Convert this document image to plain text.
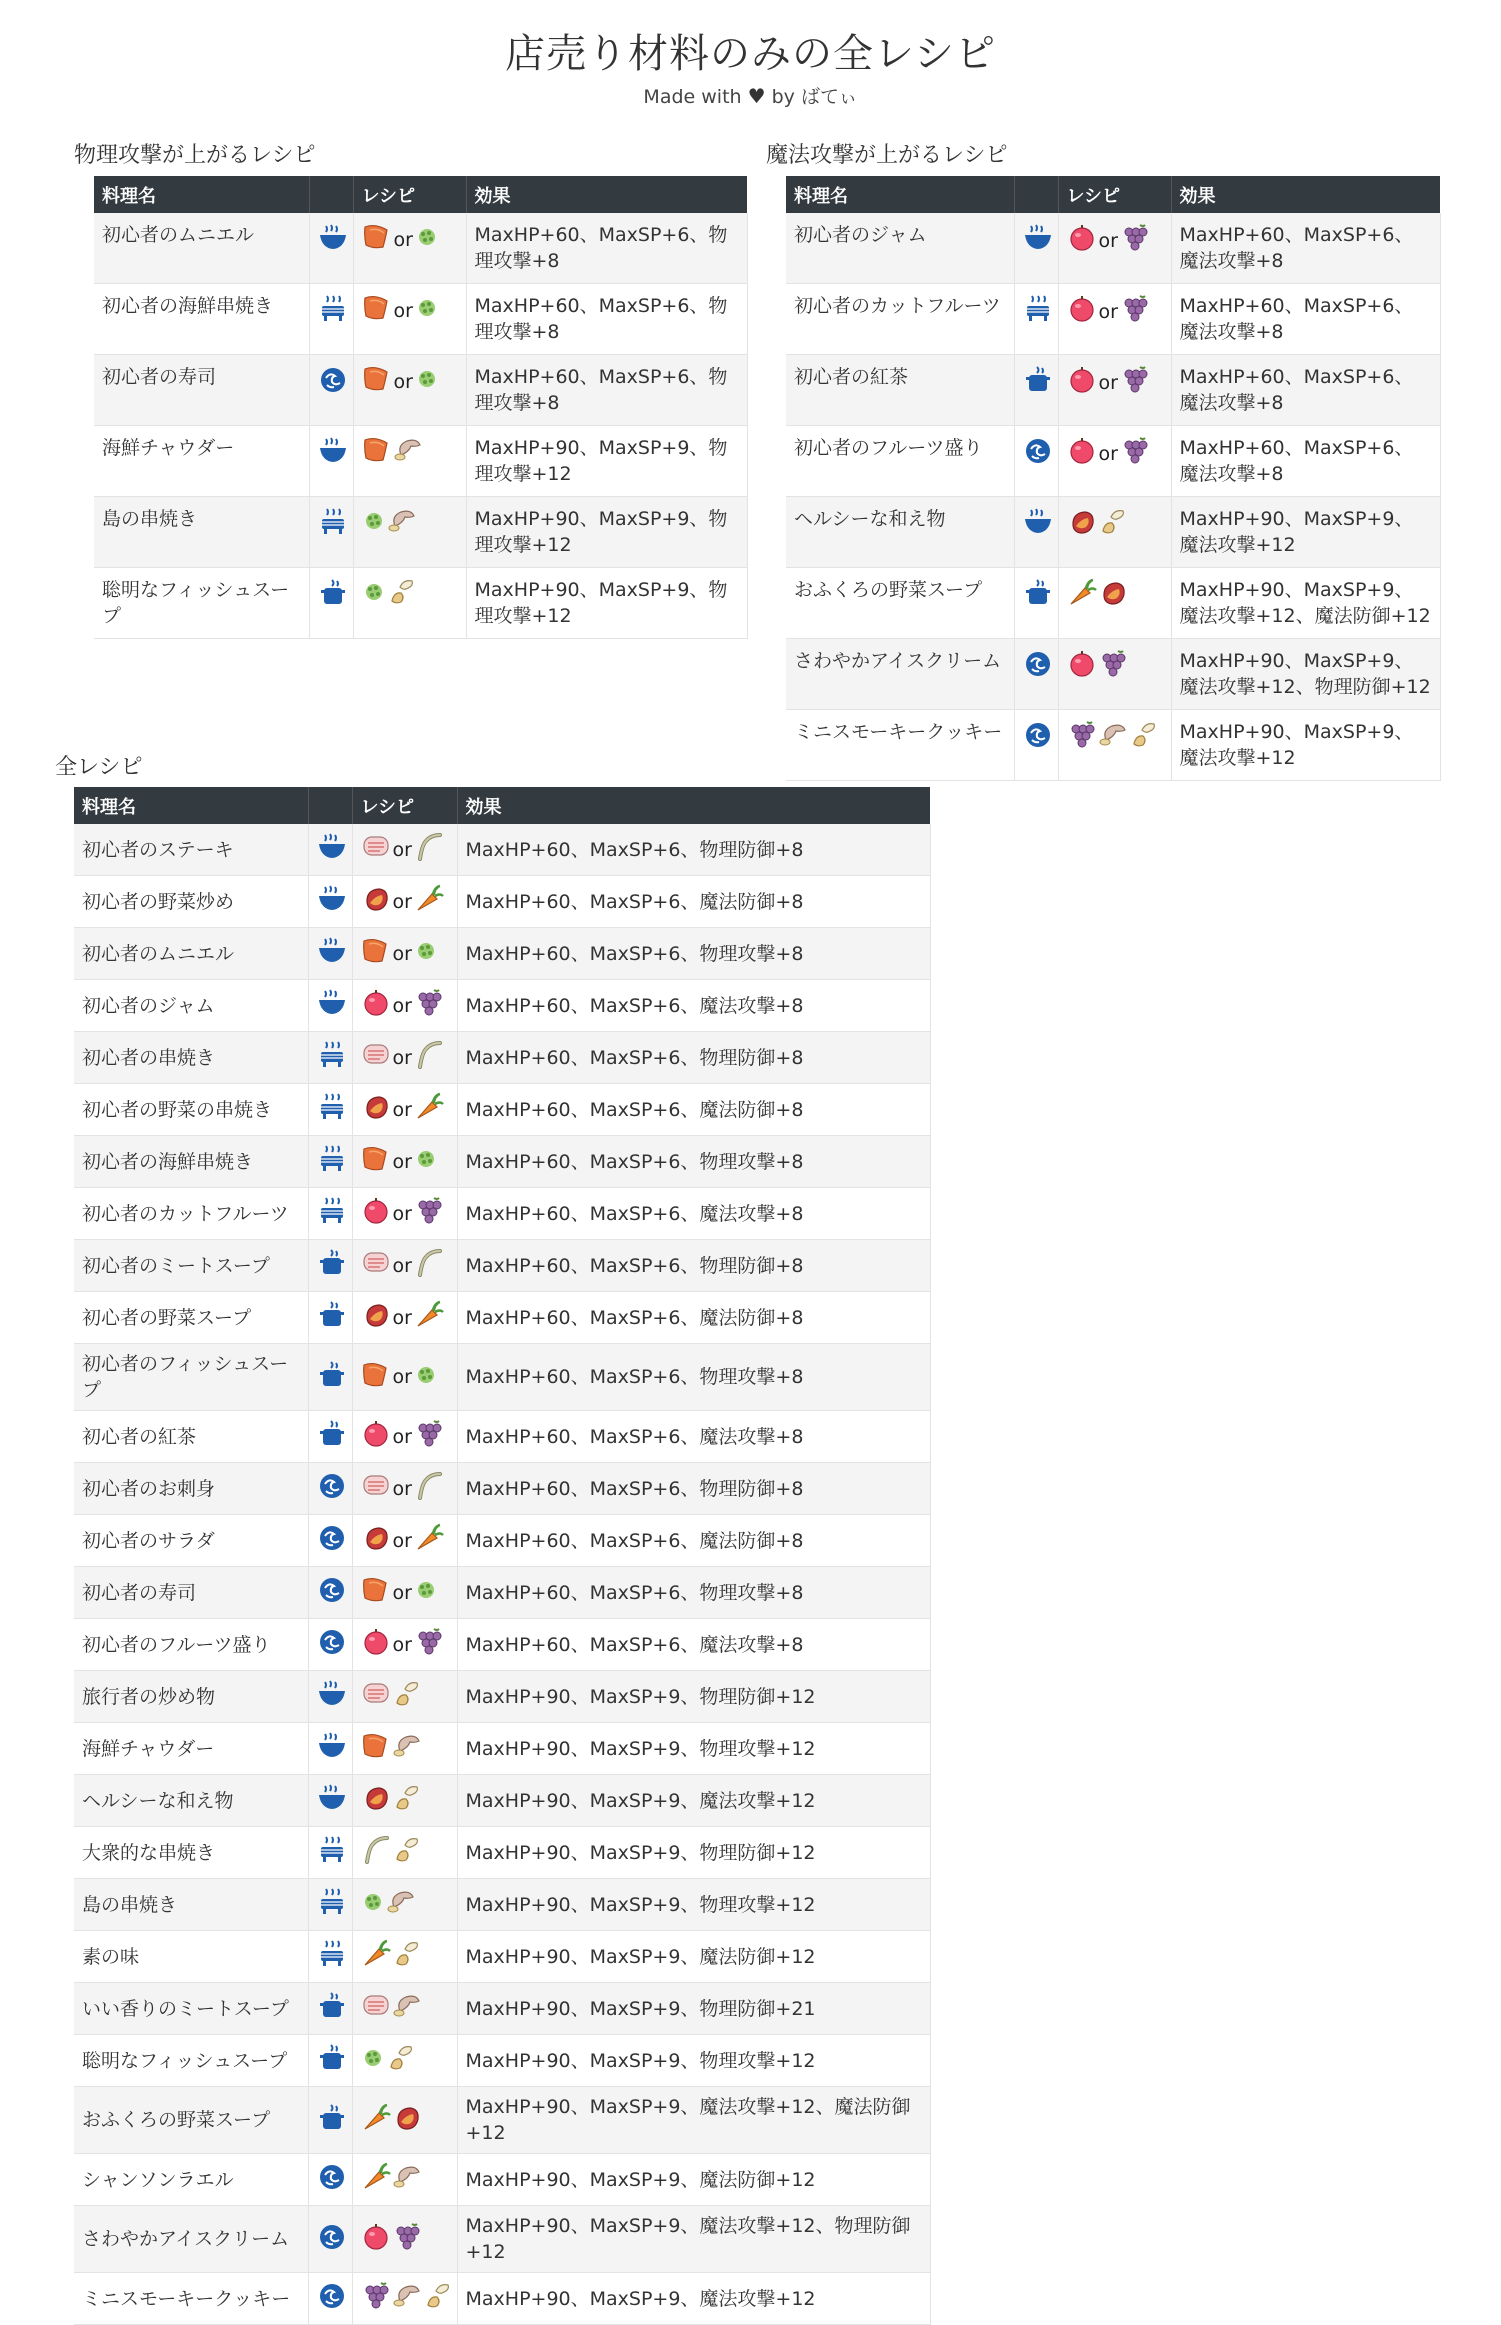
店売り材料のみの全レシピ
Made with ♥ by ばてぃ
物理攻撃が上がるレシピ	魔法攻撃が上がるレシピ
全レシピ
料理名		レシピ	効果
初心者のムニエル		or	MaxHP+60、MaxSP+6、物理攻撃+8
初心者の海鮮串焼き		or	MaxHP+60、MaxSP+6、物理攻撃+8
初心者の寿司		or	MaxHP+60、MaxSP+6、物理攻撃+8
海鮮チャウダー			MaxHP+90、MaxSP+9、物理攻撃+12
島の串焼き			MaxHP+90、MaxSP+9、物理攻撃+12
聡明なフィッシュスープ			MaxHP+90、MaxSP+9、物理攻撃+12
料理名		レシピ	効果
初心者のジャム		or	MaxHP+60、MaxSP+6、魔法攻撃+8
初心者のカットフルーツ		or	MaxHP+60、MaxSP+6、魔法攻撃+8
初心者の紅茶		or	MaxHP+60、MaxSP+6、魔法攻撃+8
初心者のフルーツ盛り		or	MaxHP+60、MaxSP+6、魔法攻撃+8
ヘルシーな和え物			MaxHP+90、MaxSP+9、魔法攻撃+12
おふくろの野菜スープ			MaxHP+90、MaxSP+9、魔法攻撃+12、魔法防御+12
さわやかアイスクリーム			MaxHP+90、MaxSP+9、魔法攻撃+12、物理防御+12
ミニスモーキークッキー			MaxHP+90、MaxSP+9、魔法攻撃+12
料理名		レシピ	効果
初心者のステーキ		or	MaxHP+60、MaxSP+6、物理防御+8
初心者の野菜炒め		or	MaxHP+60、MaxSP+6、魔法防御+8
初心者のムニエル		or	MaxHP+60、MaxSP+6、物理攻撃+8
初心者のジャム		or	MaxHP+60、MaxSP+6、魔法攻撃+8
初心者の串焼き		or	MaxHP+60、MaxSP+6、物理防御+8
初心者の野菜の串焼き		or	MaxHP+60、MaxSP+6、魔法防御+8
初心者の海鮮串焼き		or	MaxHP+60、MaxSP+6、物理攻撃+8
初心者のカットフルーツ		or	MaxHP+60、MaxSP+6、魔法攻撃+8
初心者のミートスープ		or	MaxHP+60、MaxSP+6、物理防御+8
初心者の野菜スープ		or	MaxHP+60、MaxSP+6、魔法防御+8
初心者のフィッシュスープ		or	MaxHP+60、MaxSP+6、物理攻撃+8
初心者の紅茶		or	MaxHP+60、MaxSP+6、魔法攻撃+8
初心者のお刺身		or	MaxHP+60、MaxSP+6、物理防御+8
初心者のサラダ		or	MaxHP+60、MaxSP+6、魔法防御+8
初心者の寿司		or	MaxHP+60、MaxSP+6、物理攻撃+8
初心者のフルーツ盛り		or	MaxHP+60、MaxSP+6、魔法攻撃+8
旅行者の炒め物			MaxHP+90、MaxSP+9、物理防御+12
海鮮チャウダー			MaxHP+90、MaxSP+9、物理攻撃+12
ヘルシーな和え物			MaxHP+90、MaxSP+9、魔法攻撃+12
大衆的な串焼き			MaxHP+90、MaxSP+9、物理防御+12
島の串焼き			MaxHP+90、MaxSP+9、物理攻撃+12
素の味			MaxHP+90、MaxSP+9、魔法防御+12
いい香りのミートスープ			MaxHP+90、MaxSP+9、物理防御+21
聡明なフィッシュスープ			MaxHP+90、MaxSP+9、物理攻撃+12
おふくろの野菜スープ			MaxHP+90、MaxSP+9、魔法攻撃+12、魔法防御+12
シャンソンラエル			MaxHP+90、MaxSP+9、魔法防御+12
さわやかアイスクリーム			MaxHP+90、MaxSP+9、魔法攻撃+12、物理防御+12
ミニスモーキークッキー			MaxHP+90、MaxSP+9、魔法攻撃+12
